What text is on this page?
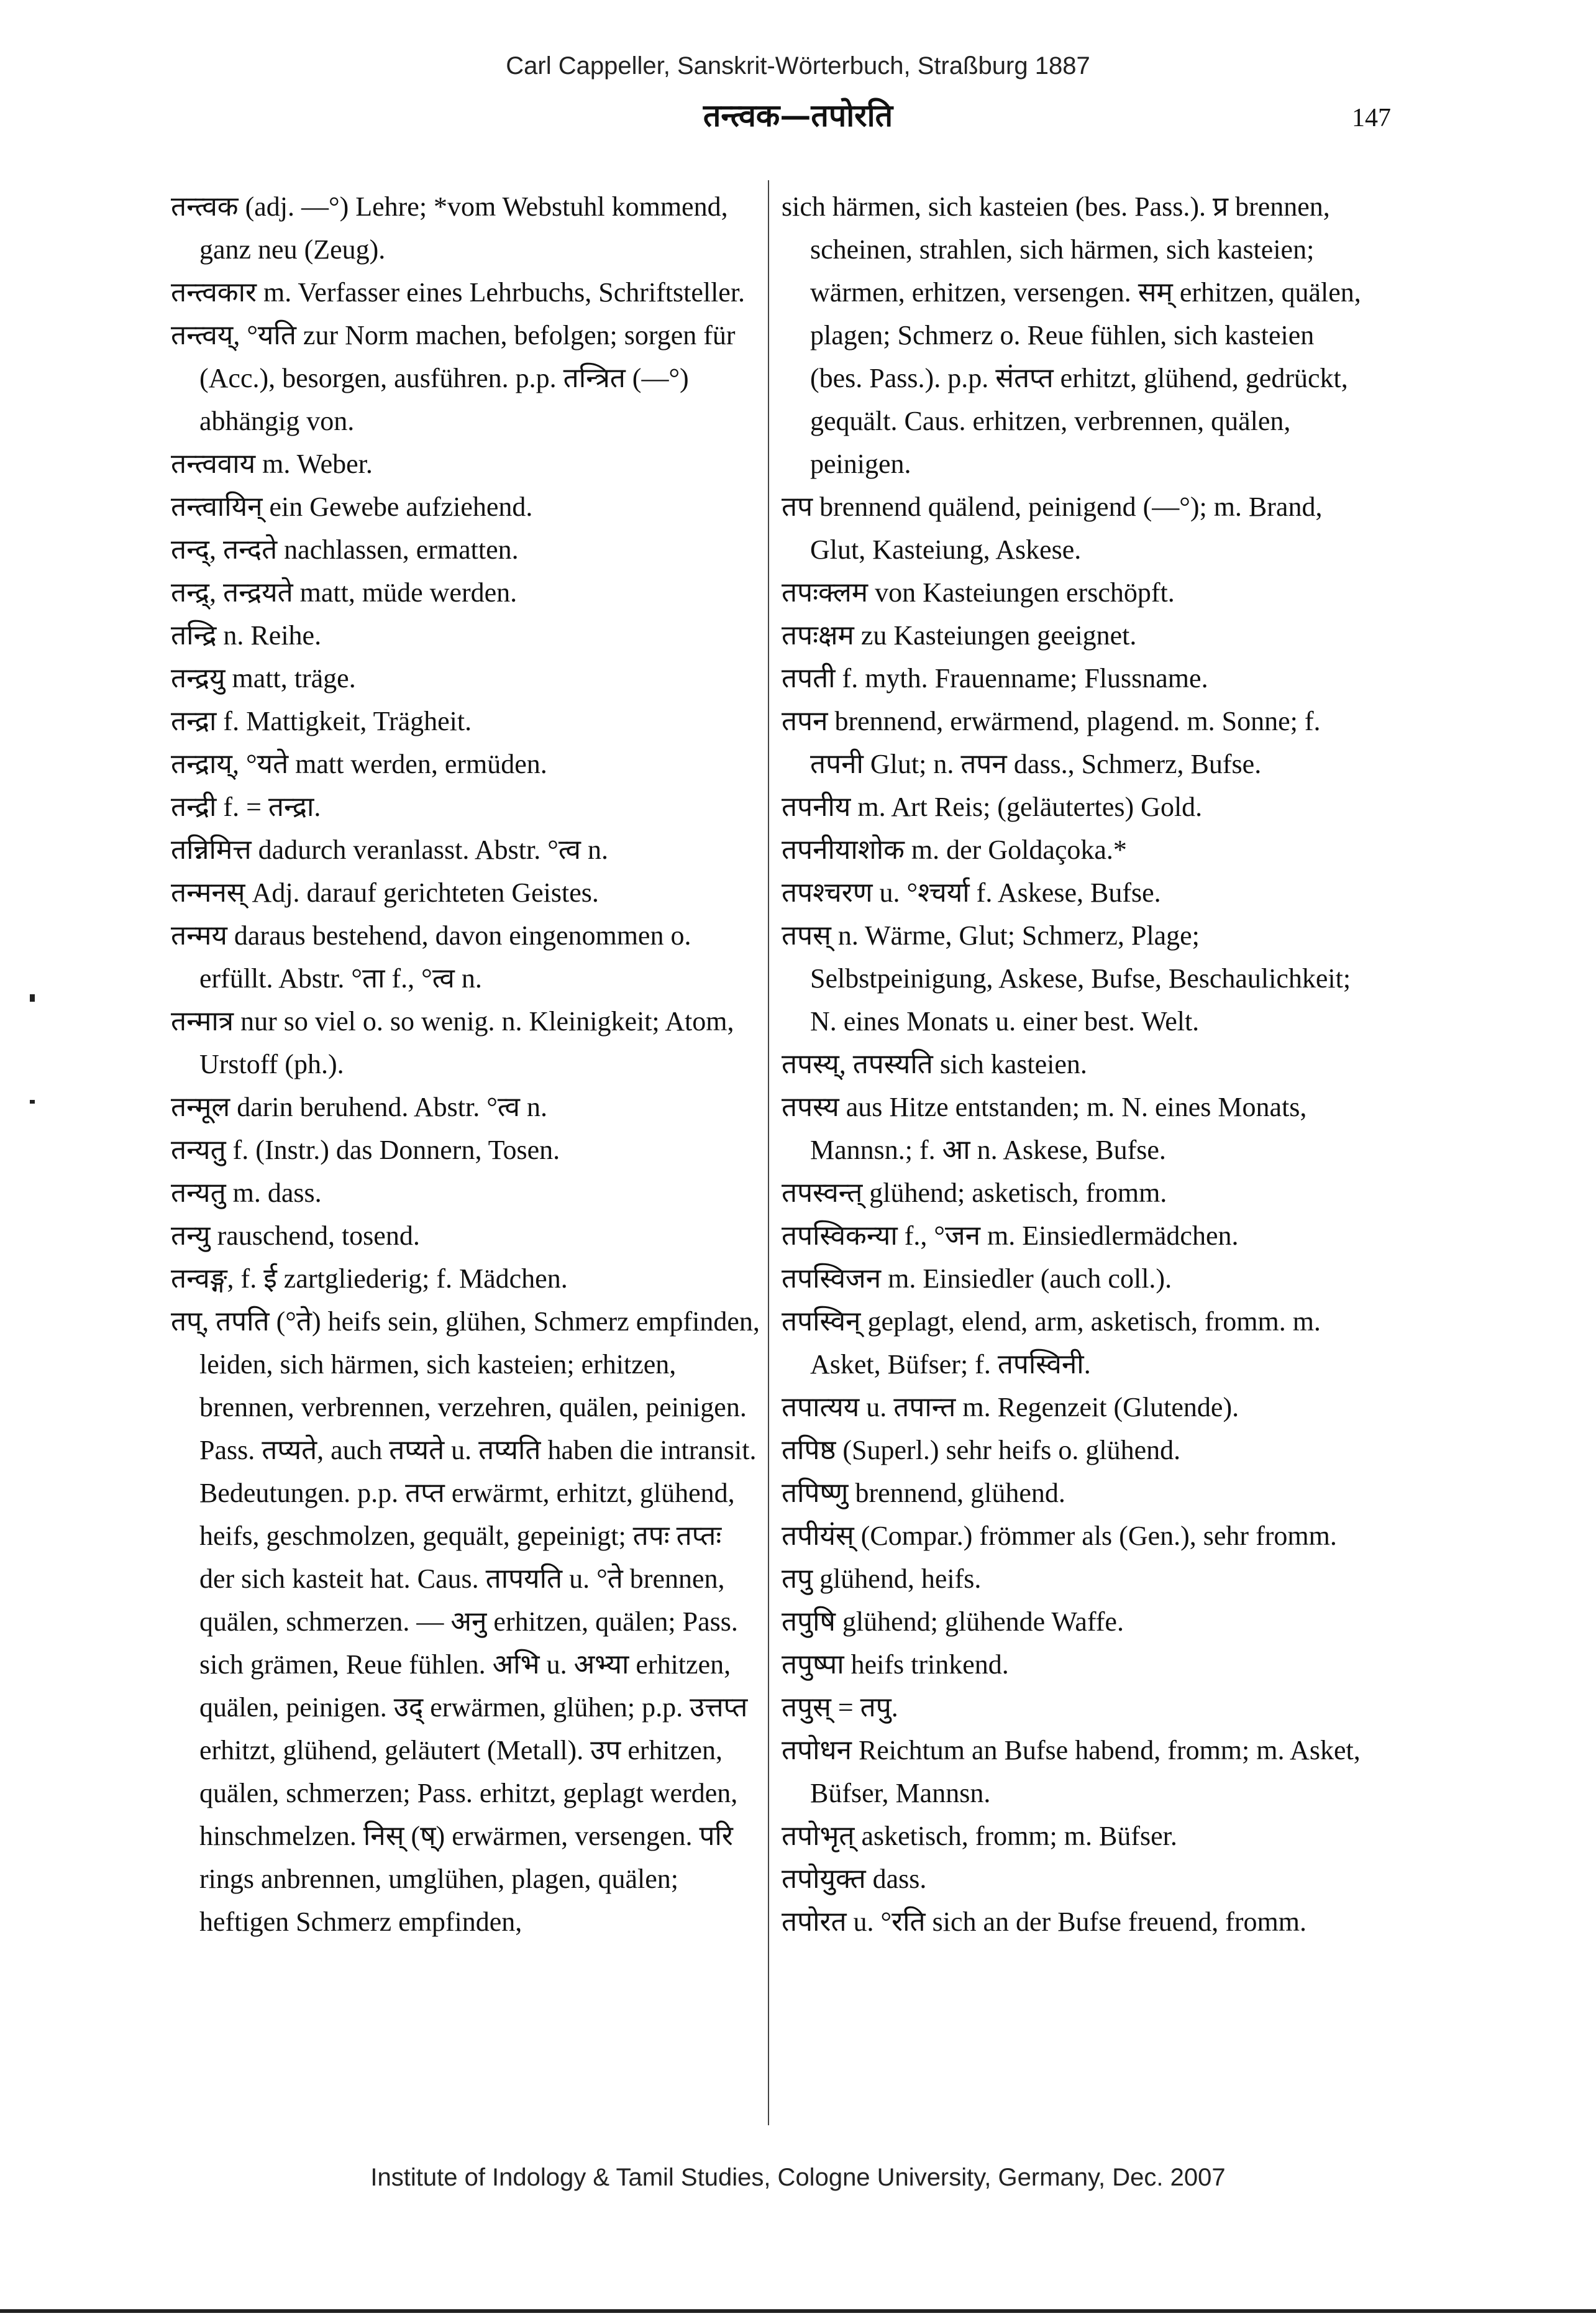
Carl Cappeller, Sanskrit-Wörterbuch, Straßburg 1887
तन्त्वक—तपोरति	147
तन्त्वक (adj. —°) Lehre; *vom Webstuhl kommend, ganz neu (Zeug).
तन्त्वकार m. Verfasser eines Lehrbuchs, Schriftsteller.
तन्त्वय्, °यति zur Norm machen, befolgen; sorgen für (Acc.), besorgen, ausführen. p.p. तन्त्रित (—°) abhängig von.
तन्त्ववाय m. Weber.
तन्त्वायिन् ein Gewebe aufziehend.
तन्द्, तन्दते nachlassen, ermatten.
तन्द्र्, तन्द्रयते matt, müde werden.
तन्द्रि n. Reihe.
तन्द्रयु matt, träge.
तन्द्रा f. Mattigkeit, Trägheit.
तन्द्राय्, °यते matt werden, ermüden.
तन्द्री f. = तन्द्रा.
तन्निमित्त dadurch veranlasst. Abstr. °त्व n.
तन्मनस् Adj. darauf gerichteten Geistes.
तन्मय daraus bestehend, davon eingenommen o. erfüllt. Abstr. °ता f., °त्व n.
तन्मात्र nur so viel o. so wenig. n. Kleinigkeit; Atom, Urstoff (ph.).
तन्मूल darin beruhend. Abstr. °त्व n.
तन्यतु f. (Instr.) das Donnern, Tosen.
तन्यतु m. dass.
तन्यु rauschend, tosend.
तन्वङ्ग, f. ई zartgliederig; f. Mädchen.
तप्, तपति (°ते) heifs sein, glühen, Schmerz empfinden, leiden, sich härmen, sich kasteien; erhitzen, brennen, verbrennen, verzehren, quälen, peinigen. Pass. तप्यते, auch तप्यते u. तप्यति haben die intransit. Bedeutungen. p.p. तप्त erwärmt, erhitzt, glühend, heifs, geschmolzen, gequält, gepeinigt; तपः तप्तः der sich kasteit hat. Caus. तापयति u. °ते brennen, quälen, schmerzen. — अनु erhitzen, quälen; Pass. sich grämen, Reue fühlen. अभि u. अभ्या erhitzen, quälen, peinigen. उद् erwärmen, glühen; p.p. उत्तप्त erhitzt, glühend, geläutert (Metall). उप erhitzen, quälen, schmerzen; Pass. erhitzt, geplagt werden, hinschmelzen. निस् (ष्) erwärmen, versengen. परि rings anbrennen, umglühen, plagen, quälen; heftigen Schmerz empfinden,
sich härmen, sich kasteien (bes. Pass.). प्र brennen, scheinen, strahlen, sich härmen, sich kasteien; wärmen, erhitzen, versengen. सम् erhitzen, quälen, plagen; Schmerz o. Reue fühlen, sich kasteien (bes. Pass.). p.p. संतप्त erhitzt, glühend, gedrückt, gequält. Caus. erhitzen, verbrennen, quälen, peinigen.
तप brennend quälend, peinigend (—°); m. Brand, Glut, Kasteiung, Askese.
तपःक्लम von Kasteiungen erschöpft.
तपःक्षम zu Kasteiungen geeignet.
तपती f. myth. Frauenname; Flussname.
तपन brennend, erwärmend, plagend. m. Sonne; f. तपनी Glut; n. तपन dass., Schmerz, Bufse.
तपनीय m. Art Reis; (geläutertes) Gold.
तपनीयाशोक m. der Goldaçoka.*
तपश्चरण u. °श्चर्या f. Askese, Bufse.
तपस् n. Wärme, Glut; Schmerz, Plage; Selbstpeinigung, Askese, Bufse, Beschaulichkeit; N. eines Monats u. einer best. Welt.
तपस्य्, तपस्यति sich kasteien.
तपस्य aus Hitze entstanden; m. N. eines Monats, Mannsn.; f. आ n. Askese, Bufse.
तपस्वन्त् glühend; asketisch, fromm.
तपस्विकन्या f., °जन m. Einsiedlermädchen.
तपस्विजन m. Einsiedler (auch coll.).
तपस्विन् geplagt, elend, arm, asketisch, fromm. m. Asket, Büfser; f. तपस्विनी.
तपात्यय u. तपान्त m. Regenzeit (Glutende).
तपिष्ठ (Superl.) sehr heifs o. glühend.
तपिष्णु brennend, glühend.
तपीयंस् (Compar.) frömmer als (Gen.), sehr fromm.
तपु glühend, heifs.
तपुषि glühend; glühende Waffe.
तपुष्पा heifs trinkend.
तपुस् = तपु.
तपोधन Reichtum an Bufse habend, fromm; m. Asket, Büfser, Mannsn.
तपोभृत् asketisch, fromm; m. Büfser.
तपोयुक्त dass.
तपोरत u. °रति sich an der Bufse freuend, fromm.
Institute of Indology & Tamil Studies, Cologne University, Germany, Dec. 2007
